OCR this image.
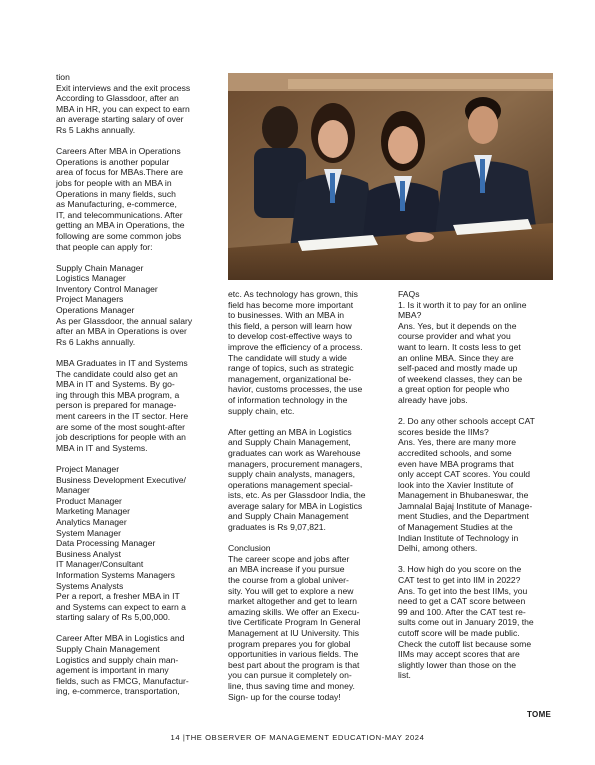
tion
Exit interviews and the exit process
According to Glassdoor, after an
MBA in HR, you can expect to earn
an average starting salary of over
Rs 5 Lakhs annually.

Careers After MBA in Operations
Operations is another popular
area of focus for MBAs.There are
jobs for people with an MBA in
Operations in many fields, such
as Manufacturing, e-commerce,
IT, and telecommunications. After
getting an MBA in Operations, the
following are some common jobs
that people can apply for:

Supply Chain Manager
Logistics Manager
Inventory Control Manager
Project Managers
Operations Manager
As per Glassdoor, the annual salary
after an MBA in Operations is over
Rs 6 Lakhs annually.

MBA Graduates in IT and Systems
The candidate could also get an
MBA in IT and Systems. By go-
ing through this MBA program, a
person is prepared for manage-
ment careers in the IT sector. Here
are some of the most sought-after
job descriptions for people with an
MBA in IT and Systems.

Project Manager
Business Development Executive/
Manager
Product Manager
Marketing Manager
Analytics Manager
System Manager
Data Processing Manager
Business Analyst
IT Manager/Consultant
Information Systems Managers
Systems Analysts
Per a report, a fresher MBA in IT
and Systems can expect to earn a
starting salary of Rs 5,00,000.

Career After MBA in Logistics and
Supply Chain Management
Logistics and supply chain man-
agement is important in many
fields, such as FMCG, Manufactur-
ing, e-commerce, transportation,

etc. As technology has grown, this
field has become more important
to businesses. With an MBA in
this field, a person will learn how
to develop cost-effective ways to
improve the efficiency of a process.
The candidate will study a wide
range of topics, such as strategic
management, organizational be-
havior, customs processes, the use
of information technology in the
supply chain, etc.

After getting an MBA in Logistics
and Supply Chain Management,
graduates can work as Warehouse
managers, procurement managers,
supply chain analysts, managers,
operations management special-
ists, etc. As per Glassdoor India, the
average salary for MBA in Logistics
and Supply Chain Management
graduates is Rs 9,07,821.

Conclusion
The career scope and jobs after
an MBA increase if you pursue
the course from a global univer-
sity. You will get to explore a new
market altogether and get to learn
amazing skills. We offer an Execu-
tive Certificate Program In General
Management at IU University. This
program prepares you for global
opportunities in various fields. The
best part about the program is that
you can pursue it completely on-
line, thus saving time and money.
Sign- up for the course today!

FAQs
1. Is it worth it to pay for an online
MBA?
Ans. Yes, but it depends on the
course provider and what you
want to learn. It costs less to get
an online MBA. Since they are
self-paced and mostly made up
of weekend classes, they can be
a great option for people who
already have jobs.

2. Do any other schools accept CAT
scores beside the IIMs?
Ans. Yes, there are many more
accredited schools, and some
even have MBA programs that
only accept CAT scores. You could
look into the Xavier Institute of
Management in Bhubaneswar, the
Jamnalal Bajaj Institute of Manage-
ment Studies, and the Department
of Management Studies at the
Indian Institute of Technology in
Delhi, among others.

3. How high do you score on the
CAT test to get into IIM in 2022?
Ans. To get into the best IIMs, you
need to get a CAT score between
99 and 100. After the CAT test re-
sults come out in January 2019, the
cutoff score will be made public.
Check the cutoff list because some
IIMs may accept scores that are
slightly lower than those on the
list.

TOME
14 |THE OBSERVER OF MANAGEMENT EDUCATION-MAY 2024
